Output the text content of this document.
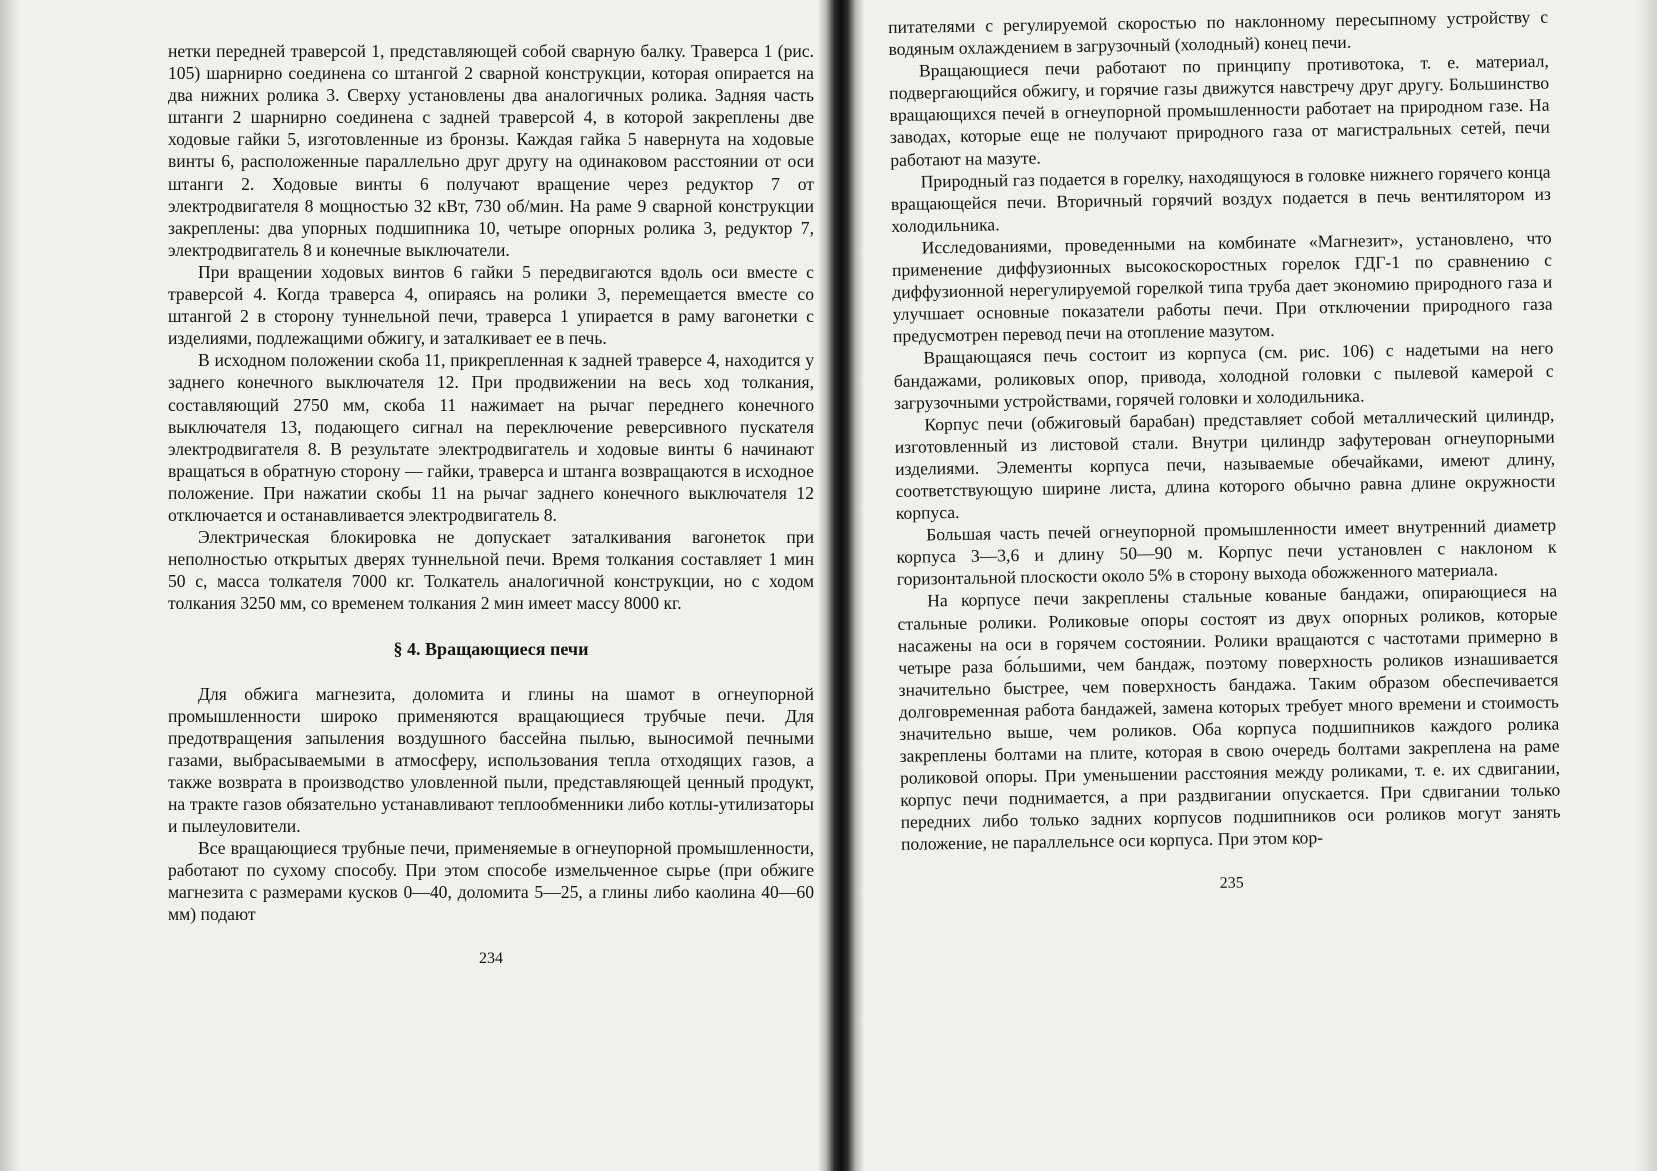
нетки передней траверсой 1, представляющей собой сварную балку. Траверса 1 (рис. 105) шарнирно соединена со штангой 2 сварной конструкции, которая опирается на два нижних ролика 3. Сверху установлены два аналогичных ролика. Задняя часть штанги 2 шарнирно соединена с задней траверсой 4, в которой закреплены две ходовые гайки 5, изготовленные из бронзы. Каждая гайка 5 навернута на ходовые винты 6, расположенные параллельно друг другу на одинаковом расстоянии от оси штанги 2. Ходовые винты 6 получают вращение через редуктор 7 от электродвигателя 8 мощностью 32 кВт, 730 об/мин. На раме 9 сварной конструкции закреплены: два упорных подшипника 10, четыре опорных ролика 3, редуктор 7, электродвигатель 8 и конечные выключатели.

При вращении ходовых винтов 6 гайки 5 передвигаются вдоль оси вместе с траверсой 4. Когда траверса 4, опираясь на ролики 3, перемещается вместе со штангой 2 в сторону туннельной печи, траверса 1 упирается в раму вагонетки с изделиями, подлежащими обжигу, и заталкивает ее в печь.

В исходном положении скоба 11, прикрепленная к задней траверсе 4, находится у заднего конечного выключателя 12. При продвижении на весь ход толкания, составляющий 2750 мм, скоба 11 нажимает на рычаг переднего конечного выключателя 13, подающего сигнал на переключение реверсивного пускателя электродвигателя 8. В результате электродвигатель и ходовые винты 6 начинают вращаться в обратную сторону — гайки, траверса и штанга возвращаются в исходное положение. При нажатии скобы 11 на рычаг заднего конечного выключателя 12 отключается и останавливается электродвигатель 8.

Электрическая блокировка не допускает заталкивания вагонеток при неполностью открытых дверях туннельной печи. Время толкания составляет 1 мин 50 с, масса толкателя 7000 кг. Толкатель аналогичной конструкции, но с ходом толкания 3250 мм, со временем толкания 2 мин имеет массу 8000 кг.

§ 4. Вращающиеся печи

Для обжига магнезита, доломита и глины на шамот в огнеупорной промышленности широко применяются вращающиеся трубчые печи. Для предотвращения запыления воздушного бассейна пылью, выносимой печными газами, выбрасываемыми в атмосферу, использования тепла отходящих газов, а также возврата в производство уловленной пыли, представляющей ценный продукт, на тракте газов обязательно устанавливают теплообменники либо котлы-утилизаторы и пылеуловители.

Все вращающиеся трубные печи, применяемые в огнеупорной промышленности, работают по сухому способу. При этом способе измельченное сырье (при обжиге магнезита с размерами кусков 0—40, доломита 5—25, а глины либо каолина 40—60 мм) подают

234

питателями с регулируемой скоростью по наклонному пересыпному устройству с водяным охлаждением в загрузочный (холодный) конец печи.

Вращающиеся печи работают по принципу противотока, т. е. материал, подвергающийся обжигу, и горячие газы движутся навстречу друг другу. Большинство вращающихся печей в огнеупорной промышленности работает на природном газе. На заводах, которые еще не получают природного газа от магистральных сетей, печи работают на мазуте.

Природный газ подается в горелку, находящуюся в головке нижнего горячего конца вращающейся печи. Вторичный горячий воздух подается в печь вентилятором из холодильника.

Исследованиями, проведенными на комбинате «Магнезит», установлено, что применение диффузионных высокоскоростных горелок ГДГ-1 по сравнению с диффузионной нерегулируемой горелкой типа труба дает экономию природного газа и улучшает основные показатели работы печи. При отключении природного газа предусмотрен перевод печи на отопление мазутом.

Вращающаяся печь состоит из корпуса (см. рис. 106) с надетыми на него бандажами, роликовых опор, привода, холодной головки с пылевой камерой с загрузочными устройствами, горячей головки и холодильника.

Корпус печи (обжиговый барабан) представляет собой металлический цилиндр, изготовленный из листовой стали. Внутри цилиндр зафутерован огнеупорными изделиями. Элементы корпуса печи, называемые обечайками, имеют длину, соответствующую ширине листа, длина которого обычно равна длине окружности корпуса.

Большая часть печей огнеупорной промышленности имеет внутренний диаметр корпуса 3—3,6 и длину 50—90 м. Корпус печи установлен с наклоном к горизонтальной плоскости около 5% в сторону выхода обожженного материала.

На корпусе печи закреплены стальные кованые бандажи, опирающиеся на стальные ролики. Роликовые опоры состоят из двух опорных роликов, которые насажены на оси в горячем состоянии. Ролики вращаются с частотами примерно в четыре раза бо́льшими, чем бандаж, поэтому поверхность роликов изнашивается значительно быстрее, чем поверхность бандажа. Таким образом обеспечивается долговременная работа бандажей, замена которых требует много времени и стоимость значительно выше, чем роликов. Оба корпуса подшипников каждого ролика закреплены болтами на плите, которая в свою очередь болтами закреплена на раме роликовой опоры. При уменьшении расстояния между роликами, т. е. их сдвигании, корпус печи поднимается, а при раздвигании опускается. При сдвигании только передних либо только задних корпусов подшипников оси роликов могут занять положение, не параллельнсе оси корпуса. При этом кор-

235
